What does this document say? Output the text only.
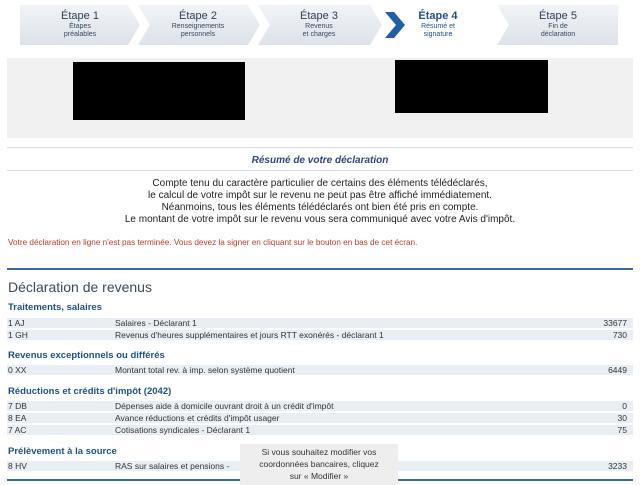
Étape 1
Étapes
préalables
Étape 2
Renseignements
personnels
Étape 3
Revenus
et charges
Étape 4
Résumé et
signature
Étape 5
Fin de
déclaration
Résumé de votre déclaration
Compte tenu du caractère particulier de certains des éléments télédéclarés,
le calcul de votre impôt sur le revenu ne peut pas être affiché immédiatement.
Néanmoins, tous les éléments télédéclarés ont bien été pris en compte.
Le montant de votre impôt sur le revenu vous sera communiqué avec votre Avis d'impôt.
Votre déclaration en ligne n'est pas terminée. Vous devez la signer en cliquant sur le bouton en bas de cet écran.
Déclaration de revenus
Traitements, salaires
1 AJ	Salaires - Déclarant 1	33677
1 GH	Revenus d'heures supplémentaires et jours RTT exonérés - déclarant 1	730
Revenus exceptionnels ou différés
0 XX	Montant total rev. à imp. selon système quotient	6449
Réductions et crédits d'impôt (2042)
7 DB	Dépenses aide à domicile ouvrant droit à un crédit d'impôt	0
8 EA	Avance réductions et crédits d'impôt usager	30
7 AC	Cotisations syndicales - Déclarant 1	75
Prélèvement à la source
8 HV	RAS sur salaires et pensions -	3233
Si vous souhaitez modifier vos
coordonnées bancaires, cliquez
sur « Modifier »
